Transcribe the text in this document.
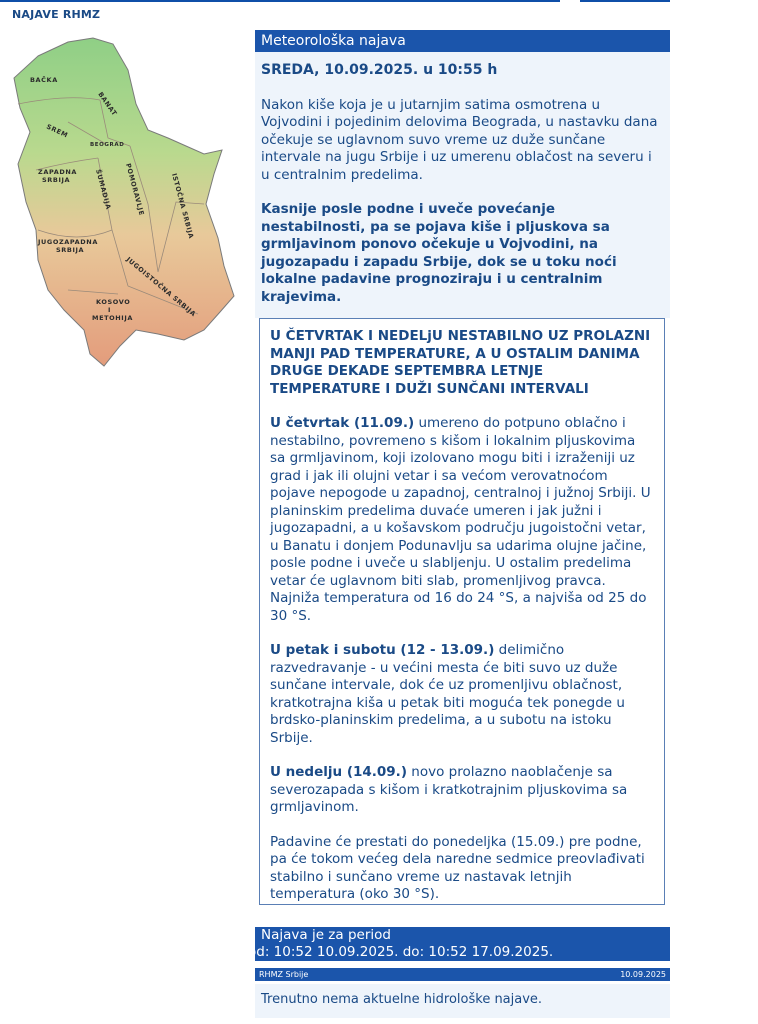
NAJAVE RHMZ
BAČKA
BANAT
SREM
BEOGRAD
ZAPADNA
SRBIJA	ŠUMADIJA POMORAVLJE	ISTOČNA SRBIJA
JUGOZAPADNA
SRBIJA
JUGOISTOČNA SRBIJA
KOSOVO
I
METOHIJA
Meteorološka najava

SREDA, 10.09.2025. u 10:55 h

Nakon kiše koja je u jutarnjim satima osmotrena u Vojvodini i pojedinim delovima Beograda, u nastavku dana očekuje se uglavnom suvo vreme uz duže sunčane intervale na jugu Srbije i uz umerenu oblačost na severu i u centralnim predelima.

Kasnije posle podne i uveče povećanje nestabilnosti, pa se pojava kiše i pljuskova sa grmljavinom ponovo očekuje u Vojvodini, na jugozapadu i zapadu Srbije, dok se u toku noći lokalne padavine prognoziraju i u centralnim krajevima.

U ČETVRTAK I NEDELjU NESTABILNO UZ PROLAZNI MANJI PAD TEMPERATURE, A U OSTALIM DANIMA DRUGE DEKADE SEPTEMBRA LETNJE TEMPERATURE I DUŽI SUNČANI INTERVALI

U četvrtak (11.09.) umereno do potpuno oblačno i nestabilno, povremeno s kišom i lokalnim pljuskovima sa grmljavinom, koji izolovano mogu biti i izraženiji uz grad i jak ili olujni vetar i sa većom verovatnoćom pojave nepogode u zapadnoj, centralnoj i južnoj Srbiji. U planinskim predelima duvaće umeren i jak južni i jugozapadni, a u košavskom području jugoistočni vetar, u Banatu i donjem Podunavlju sa udarima olujne jačine, posle podne i uveče u slabljenju. U ostalim predelima vetar će uglavnom biti slab, promenljivog pravca. Najniža temperatura od 16 do 24 °S, a najviša od 25 do 30 °S.

U petak i subotu (12 - 13.09.) delimično razvedravanje - u većini mesta će biti suvo uz duže sunčane intervale, dok će uz promenljivu oblačnost, kratkotrajna kiša u petak biti moguća tek ponegde u brdsko-planinskim predelima, a u subotu na istoku Srbije.

U nedelju (14.09.) novo prolazno naoblačenje sa severozapada s kišom i kratkotrajnim pljuskovima sa grmljavinom.

Padavine će prestati do ponedeljka (15.09.) pre podne, pa će tokom većeg dela naredne sedmice preovlađivati stabilno i sunčano vreme uz nastavak letnjih temperatura (oko 30 °S).

Najava je za period
od: 10:52 10.09.2025. do: 10:52 17.09.2025.
RHMZ Srbije	10.09.2025
Trenutno nema aktuelne hidrološke najave.
